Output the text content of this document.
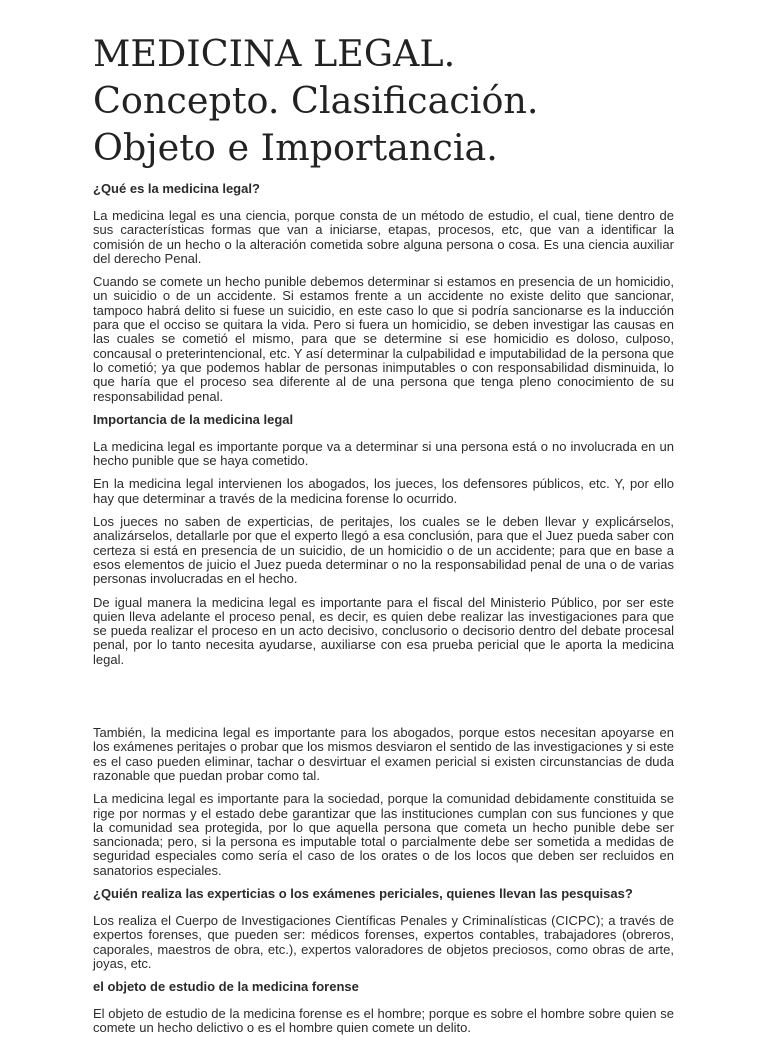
MEDICINA LEGAL.
Concepto. Clasificación.
Objeto e Importancia.
¿Qué es la medicina legal?

La medicina legal es una ciencia, porque consta de un método de estudio, el cual, tiene dentro de sus características formas que van a iniciarse, etapas, procesos, etc, que van a identificar la comisión de un hecho o la alteración cometida sobre alguna persona o cosa. Es una ciencia auxiliar del derecho Penal.

Cuando se comete un hecho punible debemos determinar si estamos en presencia de un homicidio, un suicidio o de un accidente. Si estamos frente a un accidente no existe delito que sancionar, tampoco habrá delito si fuese un suicidio, en este caso lo que si podría sancionarse es la inducción para que el occiso se quitara la vida. Pero si fuera un homicidio, se deben investigar las causas en las cuales se cometió el mismo, para que se determine si ese homicidio es doloso, culposo, concausal o preterintencional, etc. Y así determinar la culpabilidad e imputabilidad de la persona que lo cometió; ya que podemos hablar de personas inimputables o con responsabilidad disminuida, lo que haría que el proceso sea diferente al de una persona que tenga pleno conocimiento de su responsabilidad penal.

Importancia de la medicina legal

La medicina legal es importante porque va a determinar si una persona está o no involucrada en un hecho punible que se haya cometido.

En la medicina legal intervienen los abogados, los jueces, los defensores públicos, etc. Y, por ello hay que determinar a través de la medicina forense lo ocurrido.

Los jueces no saben de experticias, de peritajes, los cuales se le deben llevar y explicárselos, analizárselos, detallarle por que el experto llegó a esa conclusión, para que el Juez pueda saber con certeza si está en presencia de un suicidio, de un homicidio o de un accidente; para que en base a esos elementos de juicio el Juez pueda determinar o no la responsabilidad penal de una o de varias personas involucradas en el hecho.

De igual manera la medicina legal es importante para el fiscal del Ministerio Público, por ser este quien lleva adelante el proceso penal, es decir, es quien debe realizar las investigaciones para que se pueda realizar el proceso en un acto decisivo, conclusorio o decisorio dentro del debate procesal penal, por lo tanto necesita ayudarse, auxiliarse con esa prueba pericial que le aporta la medicina legal.

También, la medicina legal es importante para los abogados, porque estos necesitan apoyarse en los exámenes peritajes o probar que los mismos desviaron el sentido de las investigaciones y si este es el caso pueden eliminar, tachar o desvirtuar el examen pericial si existen circunstancias de duda razonable que puedan probar como tal.

La medicina legal es importante para la sociedad, porque la comunidad debidamente constituida se rige por normas y el estado debe garantizar que las instituciones cumplan con sus funciones y que la comunidad sea protegida, por lo que aquella persona que cometa un hecho punible debe ser sancionada; pero, si la persona es imputable total o parcialmente debe ser sometida a medidas de seguridad especiales como sería el caso de los orates o de los locos que deben ser recluidos en sanatorios especiales.

¿Quién realiza las experticias o los exámenes periciales, quienes llevan las pesquisas?

Los realiza el Cuerpo de Investigaciones Científicas Penales y Criminalísticas (CICPC); a través de expertos forenses, que pueden ser: médicos forenses, expertos contables, trabajadores (obreros, caporales, maestros de obra, etc.), expertos valoradores de objetos preciosos, como obras de arte, joyas, etc.

el objeto de estudio de la medicina forense

El objeto de estudio de la medicina forense es el hombre; porque es sobre el hombre sobre quien se comete un hecho delictivo o es el hombre quien comete un delito.
